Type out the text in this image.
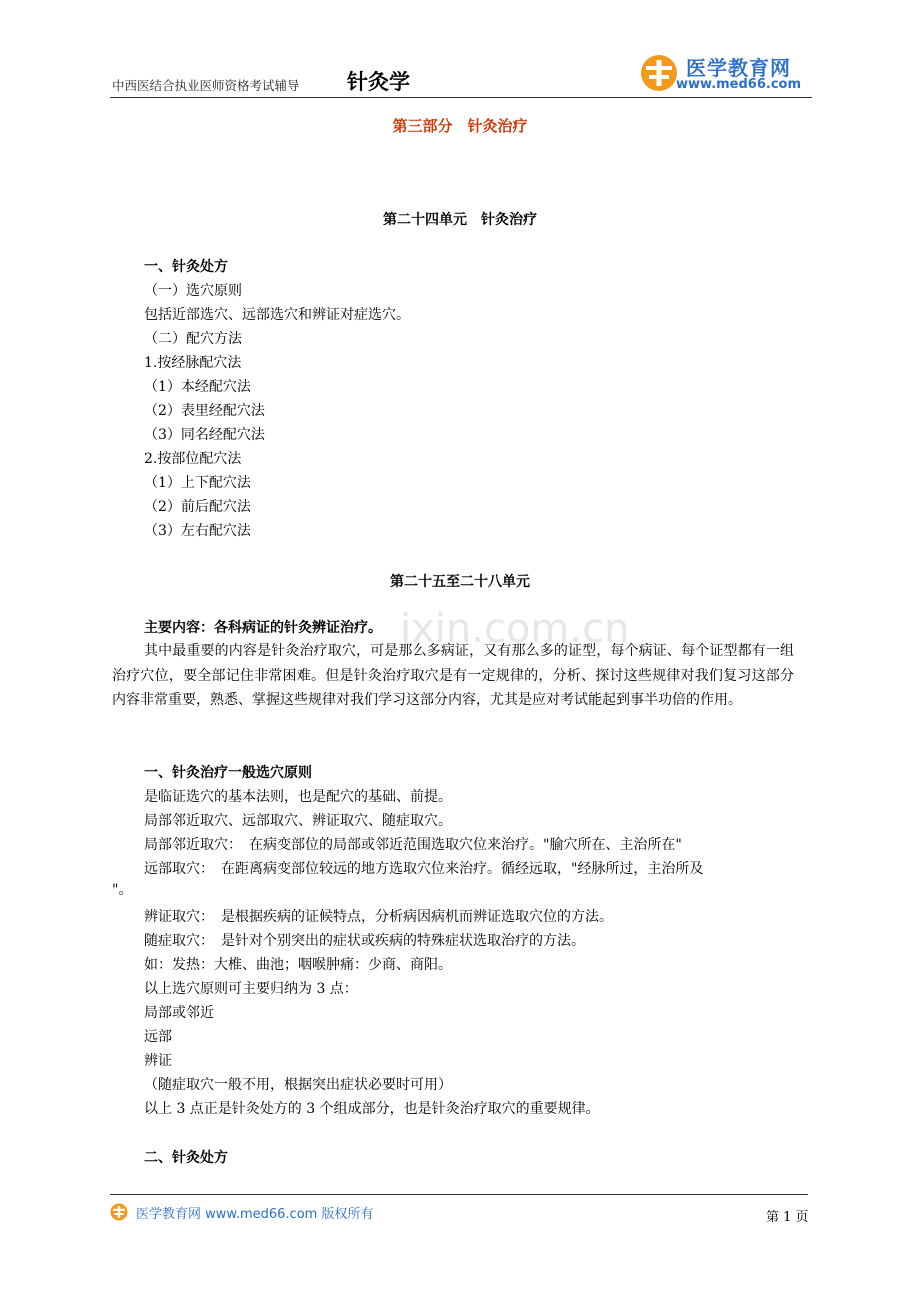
中西医结合执业医师资格考试辅导 针灸学
医学教育网
www.med66.com
ixin.com.cn
第三部分　针灸治疗
第二十四单元　针灸治疗
一、针灸处方
（一）选穴原则
包括近部选穴、远部选穴和辨证对症选穴。
（二）配穴方法
1.按经脉配穴法
（1）本经配穴法
（2）表里经配穴法
（3）同名经配穴法
2.按部位配穴法
（1）上下配穴法
（2）前后配穴法
（3）左右配穴法
第二十五至二十八单元
主要内容：各科病证的针灸辨证治疗。
其中最重要的内容是针灸治疗取穴，可是那么多病证，又有那么多的证型，每个病证、每个证型都有一组治疗穴位，要全部记住非常困难。但是针灸治疗取穴是有一定规律的，分析、探讨这些规律对我们复习这部分内容非常重要，熟悉、掌握这些规律对我们学习这部分内容，尤其是应对考试能起到事半功倍的作用。
一、针灸治疗一般选穴原则
是临证选穴的基本法则，也是配穴的基础、前提。
局部邻近取穴、远部取穴、辨证取穴、随症取穴。
局部邻近取穴：　在病变部位的局部或邻近范围选取穴位来治疗。"腧穴所在、主治所在"
远部取穴：　在距离病变部位较远的地方选取穴位来治疗。循经远取，"经脉所过，主治所及
"。
辨证取穴：　是根据疾病的证候特点，分析病因病机而辨证选取穴位的方法。
随症取穴：　是针对个别突出的症状或疾病的特殊症状选取治疗的方法。
如：发热：大椎、曲池；咽喉肿痛：少商、商阳。
以上选穴原则可主要归纳为 3 点：
局部或邻近
远部
辨证
（随症取穴一般不用，根据突出症状必要时可用）
以上 3 点正是针灸处方的 3 个组成部分，也是针灸治疗取穴的重要规律。
二、针灸处方
医学教育网 www.med66.com 版权所有	第 1 页
